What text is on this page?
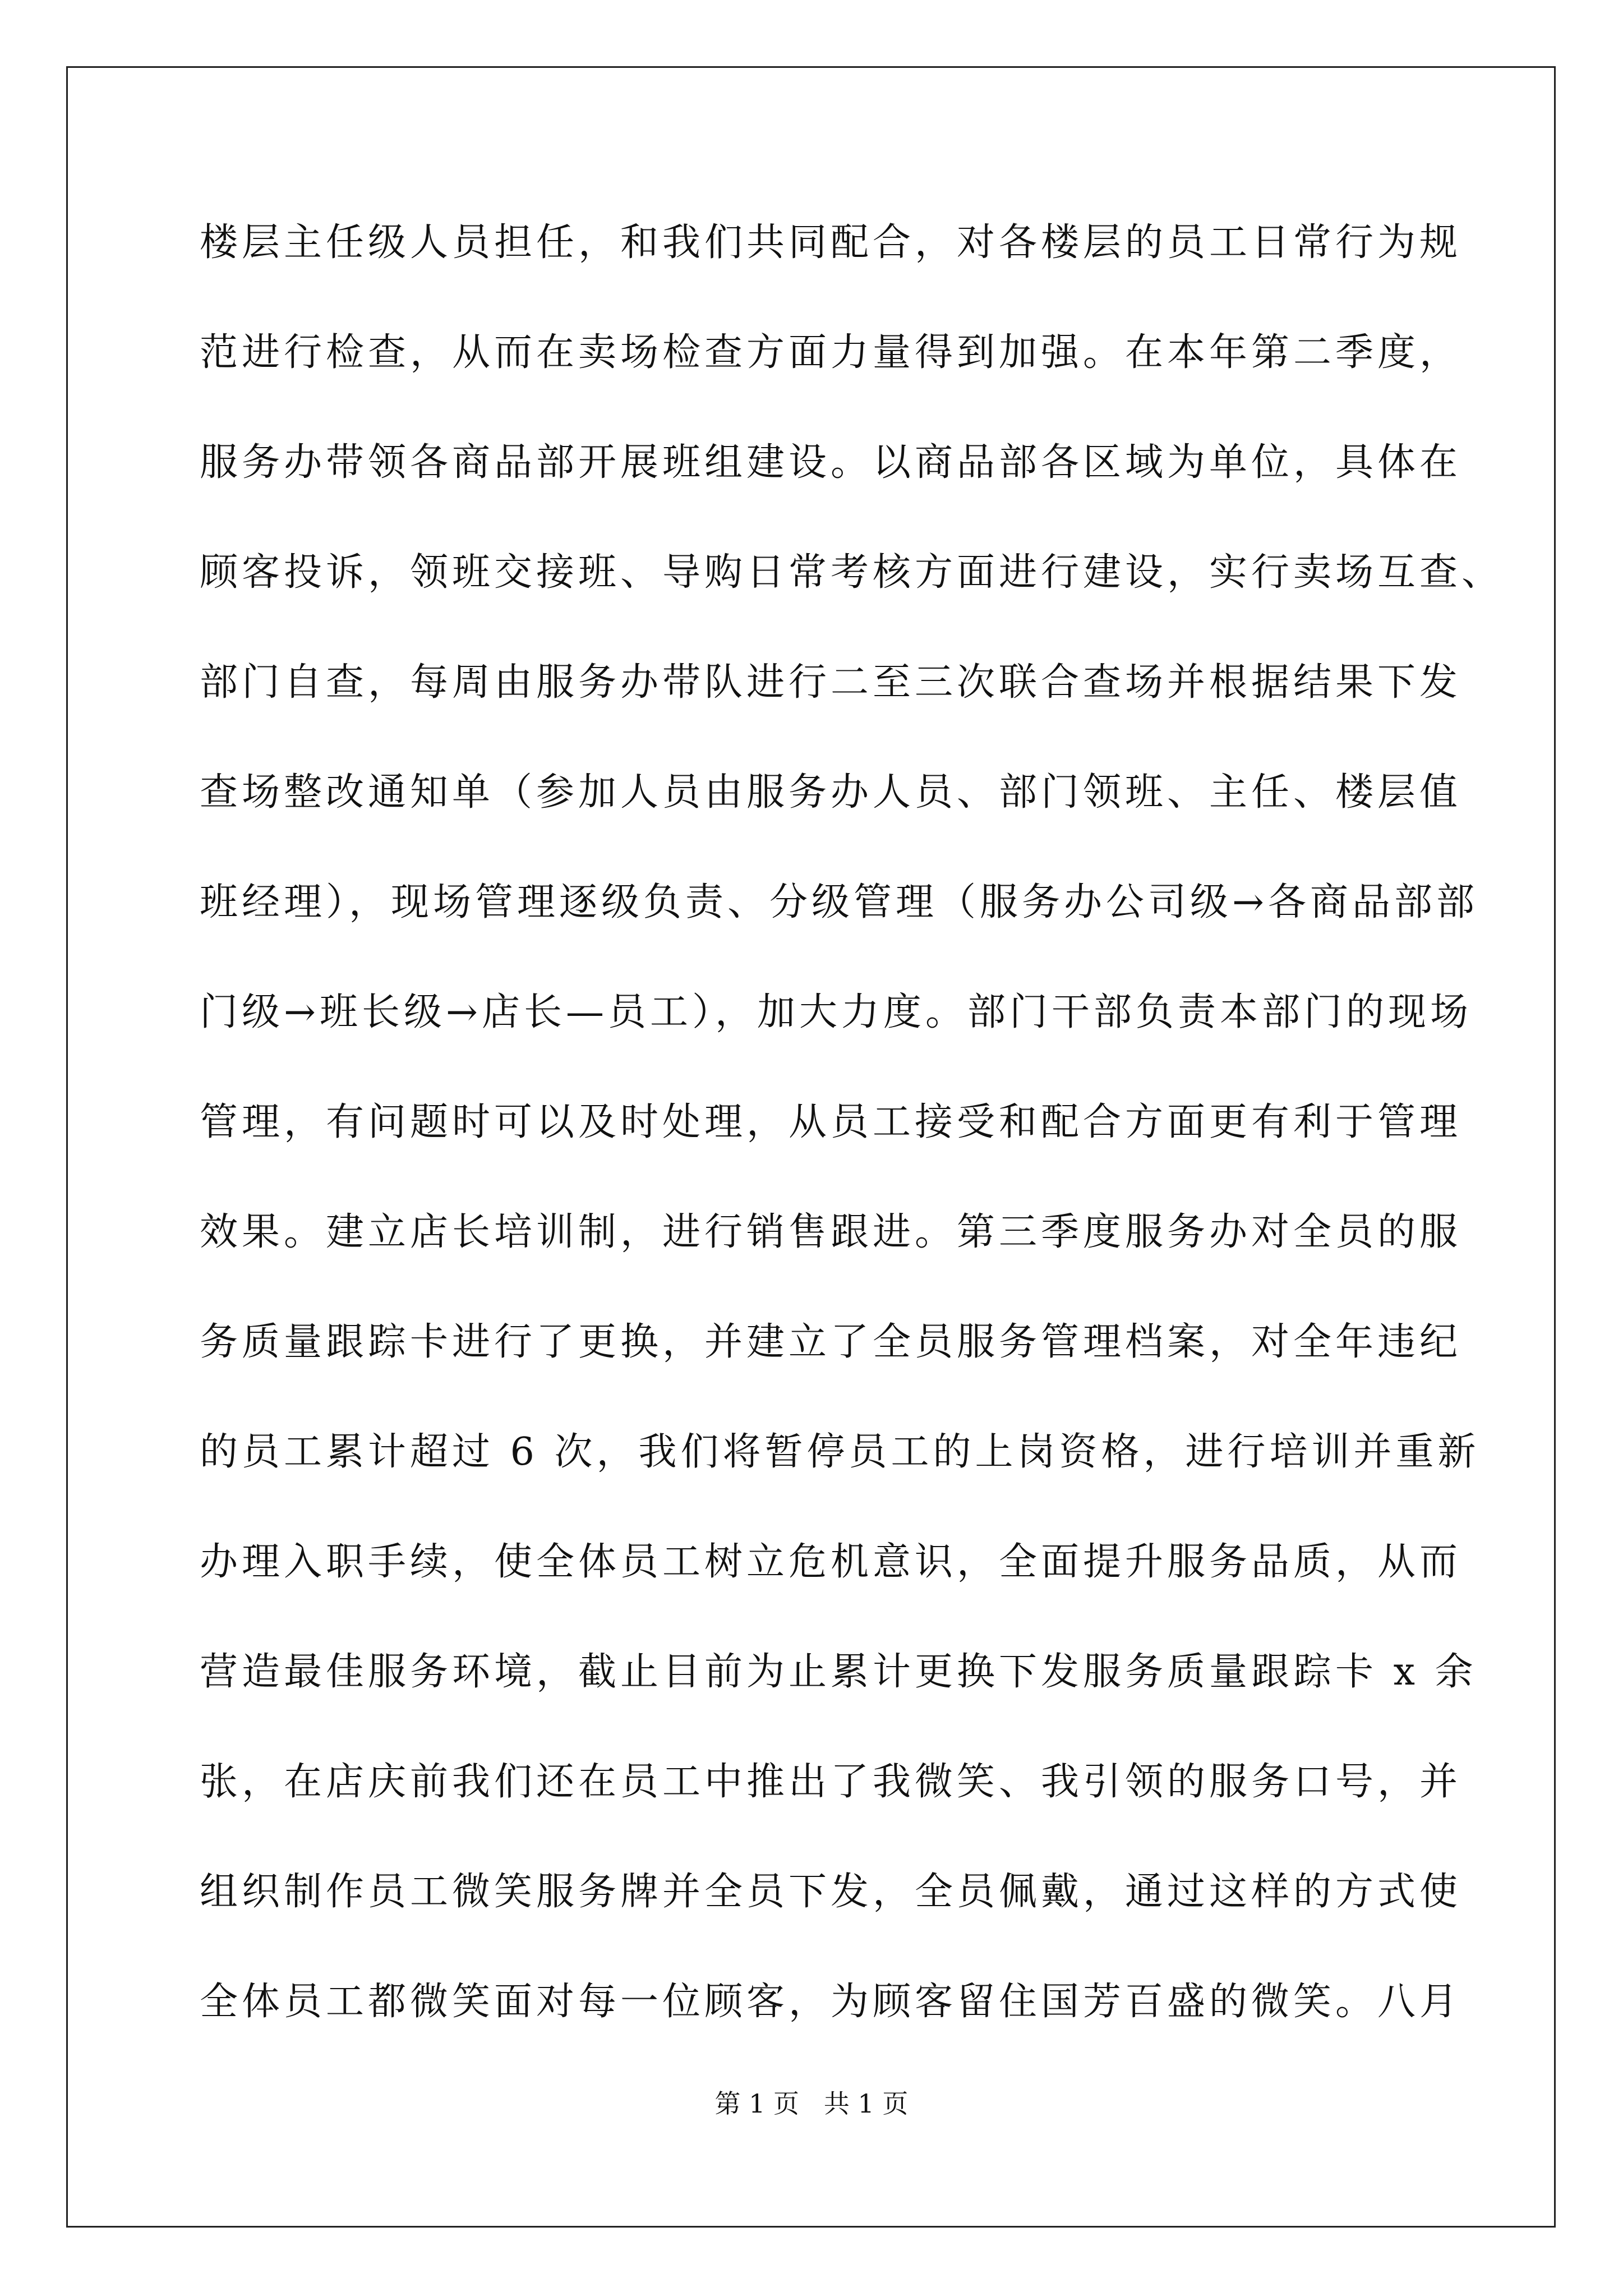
楼层主任级人员担任，和我们共同配合，对各楼层的员工日常行为规
范进行检查，从而在卖场检查方面力量得到加强。在本年第二季度，
服务办带领各商品部开展班组建设。以商品部各区域为单位，具体在
顾客投诉，领班交接班、导购日常考核方面进行建设，实行卖场互查、
部门自查，每周由服务办带队进行二至三次联合查场并根据结果下发
查场整改通知单（参加人员由服务办人员、部门领班、主任、楼层值
班经理），现场管理逐级负责、分级管理（服务办公司级→各商品部部
门级→班长级→店长—员工），加大力度。部门干部负责本部门的现场
管理，有问题时可以及时处理，从员工接受和配合方面更有利于管理
效果。建立店长培训制，进行销售跟进。第三季度服务办对全员的服
务质量跟踪卡进行了更换，并建立了全员服务管理档案，对全年违纪
的员工累计超过 6 次，我们将暂停员工的上岗资格，进行培训并重新
办理入职手续，使全体员工树立危机意识，全面提升服务品质，从而
营造最佳服务环境，截止目前为止累计更换下发服务质量跟踪卡 x 余
张，在店庆前我们还在员工中推出了我微笑、我引领的服务口号，并
组织制作员工微笑服务牌并全员下发，全员佩戴，通过这样的方式使
全体员工都微笑面对每一位顾客，为顾客留住国芳百盛的微笑。八月
第 1 页   共 1 页
